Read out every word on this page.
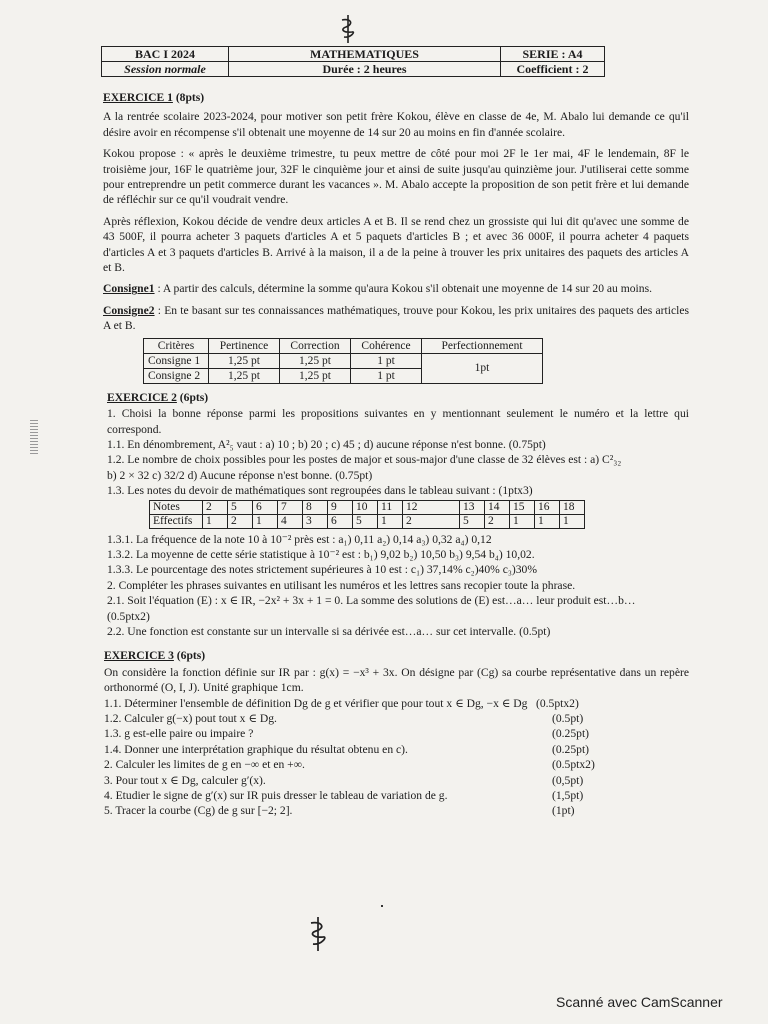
BAC I 2024	MATHEMATIQUES	SERIE : A4
Session normale	Durée : 2 heures	Coefficient : 2
EXERCICE 1 (8pts)

A la rentrée scolaire 2023-2024, pour motiver son petit frère Kokou, élève en classe de 4e, M. Abalo lui demande ce qu'il désire avoir en récompense s'il obtenait une moyenne de 14 sur 20 au moins en fin d'année scolaire.

Kokou propose : « après le deuxième trimestre, tu peux mettre de côté pour moi 2F le 1er mai, 4F le lendemain, 8F le troisième jour, 16F le quatrième jour, 32F le cinquième jour et ainsi de suite jusqu'au quinzième jour. J'utiliserai cette somme pour entreprendre un petit commerce durant les vacances ». M. Abalo accepte la proposition de son petit frère et lui demande de réfléchir sur ce qu'il voudrait vendre.

Après réflexion, Kokou décide de vendre deux articles A et B. Il se rend chez un grossiste qui lui dit qu'avec une somme de 43 500F, il pourra acheter 3 paquets d'articles A et 5 paquets d'articles B ; et avec 36 000F, il pourra acheter 4 paquets d'articles A et 3 paquets d'articles B. Arrivé à la maison, il a de la peine à trouver les prix unitaires des paquets des articles A et B.

Consigne1 : A partir des calculs, détermine la somme qu'aura Kokou s'il obtenait une moyenne de 14 sur 20 au moins.

Consigne2 : En te basant sur tes connaissances mathématiques, trouve pour Kokou, les prix unitaires des paquets des articles A et B.

Critères	Pertinence	Correction	Cohérence	Perfectionnement
Consigne 1	1,25 pt	1,25 pt	1 pt	1pt
Consigne 2	1,25 pt	1,25 pt	1 pt	
EXERCICE 2 (6pts)

1. Choisi la bonne réponse parmi les propositions suivantes en y mentionnant seulement le numéro et la lettre qui correspond.

1.1. En dénombrement, A²₅ vaut : a) 10 ; b) 20 ; c) 45 ; d) aucune réponse n'est bonne. (0.75pt)
1.2. Le nombre de choix possibles pour les postes de major et sous-major d'une classe de 32 élèves est : a) C²₃₂
b) 2 × 32 c) 32/2 d) Aucune réponse n'est bonne. (0.75pt)
1.3. Les notes du devoir de mathématiques sont regroupées dans le tableau suivant : (1ptx3)
Notes	2	5	6	7	8	9	10	11	12	13	14	15	16	18
Effectifs	1	2	1	4	3	6	5	1	2	5	2	1	1	1
1.3.1. La fréquence de la note 10 à 10⁻² près est : a₁) 0,11 a₂) 0,14 a₃) 0,32 a₄) 0,12
1.3.2. La moyenne de cette série statistique à 10⁻² est : b₁) 9,02 b₂) 10,50 b₃) 9,54 b₄) 10,02.
1.3.3. Le pourcentage des notes strictement supérieures à 10 est : c₁) 37,14% c₂)40% c₃)30%
2. Compléter les phrases suivantes en utilisant les numéros et les lettres sans recopier toute la phrase.
2.1. Soit l'équation (E) : x ∈ IR, −2x² + 3x + 1 = 0. La somme des solutions de (E) est…a… leur produit est…b…
(0.5ptx2)
2.2. Une fonction est constante sur un intervalle si sa dérivée est…a… sur cet intervalle. (0.5pt)
EXERCICE 3 (6pts)

On considère la fonction définie sur IR par : g(x) = −x³ + 3x. On désigne par (Cg) sa courbe représentative dans un repère orthonormé (O, I, J). Unité graphique 1cm.

1.1. Déterminer l'ensemble de définition Dg de g et vérifier que pour tout x ∈ Dg, −x ∈ Dg (0.5ptx2)
1.2. Calculer g(−x) pout tout x ∈ Dg.	(0.5pt)
1.3. g est-elle paire ou impaire ?	(0.25pt)
1.4. Donner une interprétation graphique du résultat obtenu en c).	(0.25pt)
2. Calculer les limites de g en −∞ et en +∞.	(0.5ptx2)
3. Pour tout x ∈ Dg, calculer g′(x).	(0,5pt)
4. Etudier le signe de g′(x) sur IR puis dresser le tableau de variation de g.	(1,5pt)
5. Tracer la courbe (Cg) de g sur [−2; 2].	(1pt)
Scanné avec CamScanner
